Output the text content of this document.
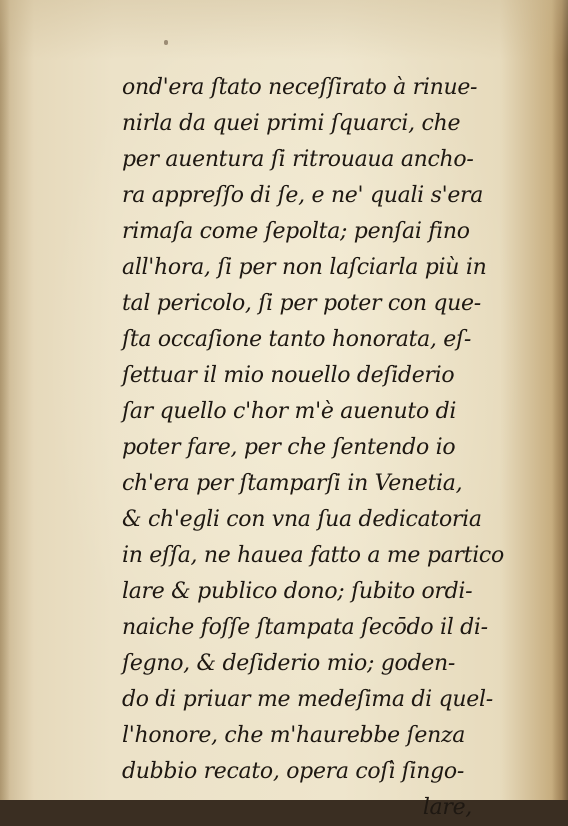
ond'era ſtato neceſſirato à rinue-
nirla da quei primi ſquarci, che
per auentura ſi ritrouaua ancho-
ra appreſſo di ſe, e ne' quali s'era
rimaſa come ſepolta; penſai fino
all'hora, ſi per non laſciarla più in
tal pericolo, ſi per poter con que-
ſta occaſione tanto honorata, eſ-
ſettuar il mio nouello deſiderio
ſar quello c'hor m'è auenuto di
poter fare, per che ſentendo io
ch'era per ſtamparſi in Venetia,
& ch'egli con vna ſua dedicatoria
in eſſa, ne hauea fatto a me partico
lare & publico dono; ſubito ordi-
naiche foſſe ſtampata ſecōdo il di-
ſegno, & deſiderio mio; goden-
do di priuar me medeſima di quel-
l'honore, che m'haurebbe ſenza
dubbio recato, opera coſì ſingo-
lare,
